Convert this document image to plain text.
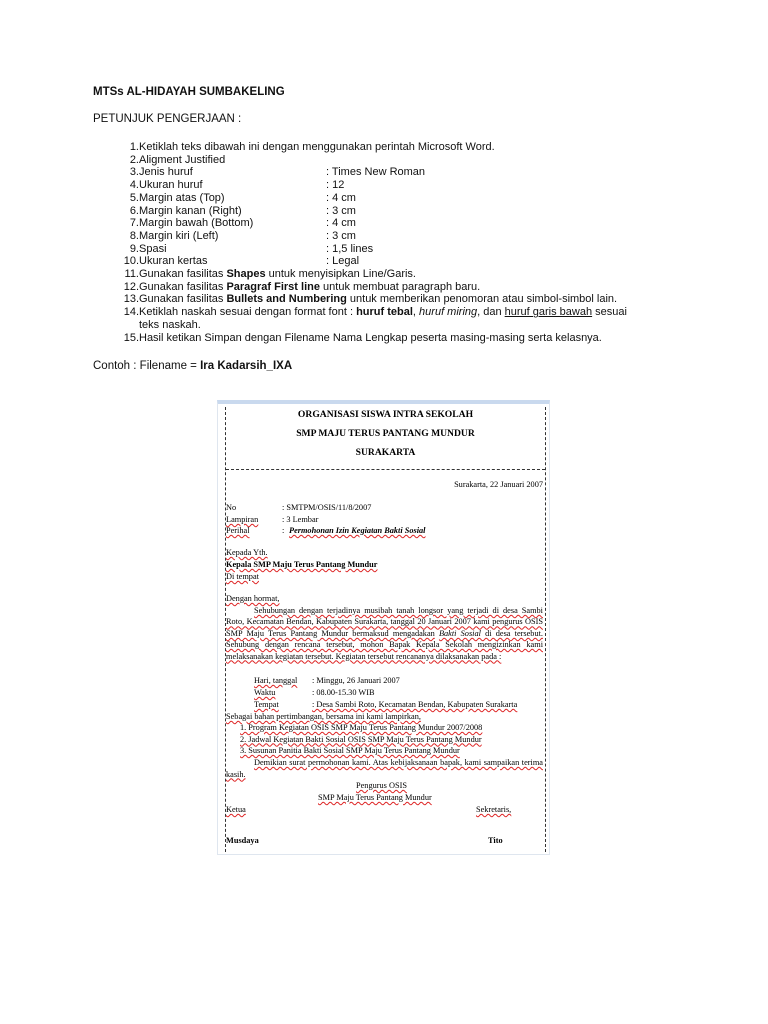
MTSs AL-HIDAYAH SUMBAKELING
PETUNJUK PENGERJAAN :
1. Ketiklah teks dibawah ini dengan menggunakan perintah Microsoft Word.
2. Aligment Justified
3. Jenis huruf	: Times New Roman
4. Ukuran huruf	: 12
5. Margin atas (Top)	: 4 cm
6. Margin kanan (Right)	: 3 cm
7. Margin bawah (Bottom)	: 4 cm
8. Margin kiri (Left)	: 3 cm
9. Spasi	: 1,5 lines
10. Ukuran kertas	: Legal
11. Gunakan fasilitas Shapes untuk menyisipkan Line/Garis.
12. Gunakan fasilitas Paragraf First line untuk membuat paragraph baru.
13. Gunakan fasilitas Bullets and Numbering untuk memberikan penomoran atau simbol-simbol lain.
14. Ketiklah naskah sesuai dengan format font : huruf tebal, huruf miring, dan huruf garis bawah sesuai
teks naskah.
15. Hasil ketikan Simpan dengan Filename Nama Lengkap peserta masing-masing serta kelasnya.
Contoh : Filename = Ira Kadarsih_IXA
ORGANISASI SISWA INTRA SEKOLAH
SMP MAJU TERUS PANTANG MUNDUR
SURAKARTA
Surakarta, 22 Januari 2007
No	: SMTPM/OSIS/11/8/2007
Lampiran	: 3 Lembar
Perihal	: Permohonan Izin Kegiatan Bakti Sosial
Kepada Yth.
Kepala SMP Maju Terus Pantang Mundur
Di tempat
Dengan hormat,
Sehubungan dengan terjadinya musibah tanah longsor yang terjadi di desa Sambi Roto, Kecamatan Bendan, Kabupaten Surakarta, tanggal 20 Januari 2007 kami pengurus OSIS SMP Maju Terus Pantang Mundur bermaksud mengadakan Bakti Sosial di desa tersebut. Sehubung dengan rencana tersebut, mohon Bapak Kepala Sekolah mengizinkan kami melaksanakan kegiatan tersebut. Kegiatan tersebut rencananya dilaksanakan pada :
Hari, tanggal : Minggu, 26 Januari 2007
Waktu	: 08.00-15.30 WIB
Tempat	: Desa Sambi Roto, Kecamatan Bendan, Kabupaten Surakarta
Sebagai bahan pertimbangan, bersama ini kami lampirkan,
1. Program Kegiatan OSIS SMP Maju Terus Pantang Mundur 2007/2008
2. Jadwal Kegiatan Bakti Sosial OSIS SMP Maju Terus Pantang Mundur
3. Susunan Panitia Bakti Sosial SMP Maju Terus Pantang Mundur
Demikian surat permohonan kami. Atas kebijaksanaan bapak, kami sampaikan terima kasih.
Pengurus OSIS
SMP Maju Terus Pantang Mundur
Ketua	Sekretaris,
Musdaya	Tito
